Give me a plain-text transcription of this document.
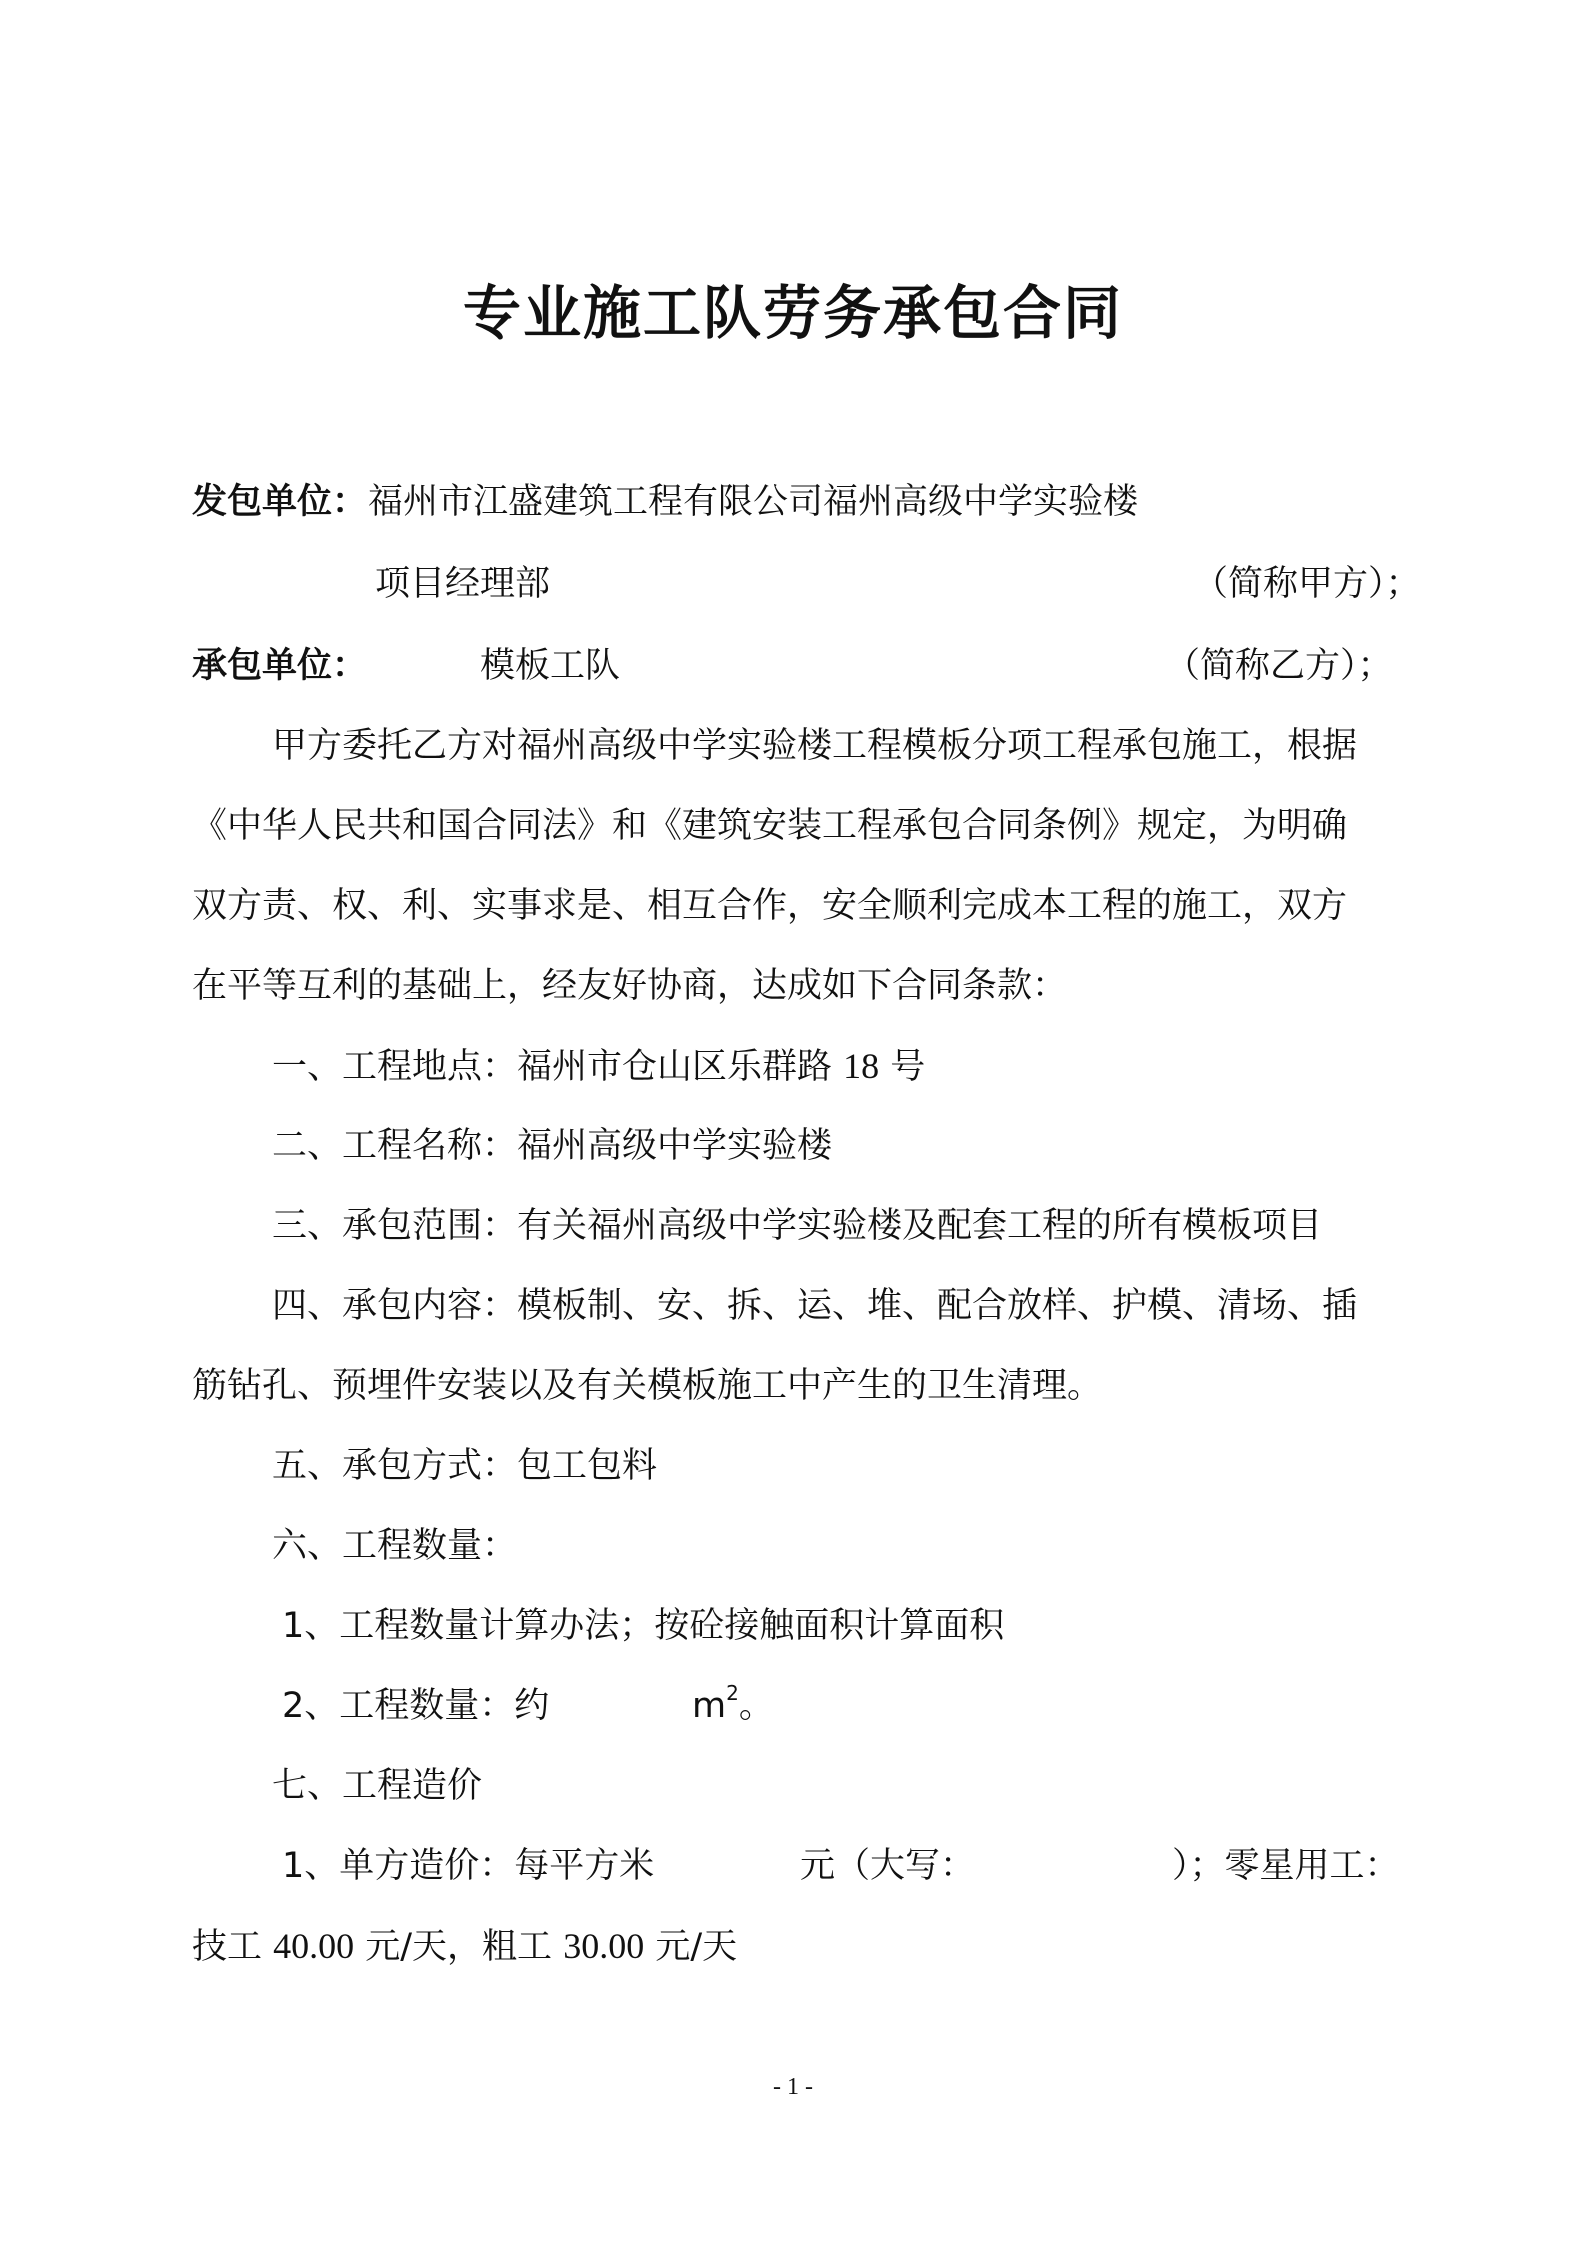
专业施工队劳务承包合同
发包单位： 福州市江盛建筑工程有限公司福州高级中学实验楼
项目经理部	（简称甲方）；
承包单位：	模板工队	（简称乙方）；
甲方委托乙方对福州高级中学实验楼工程模板分项工程承包施工，根据
《中华人民共和国合同法》和《建筑安装工程承包合同条例》规定，为明确
双方责、权、利、实事求是、相互合作，安全顺利完成本工程的施工，双方
在平等互利的基础上，经友好协商，达成如下合同条款：
一、工程地点：福州市仓山区乐群路 18 号
二、工程名称：福州高级中学实验楼
三、承包范围：有关福州高级中学实验楼及配套工程的所有模板项目
四、承包内容：模板制、安、拆、运、堆、配合放样、护模、清场、插
筋钻孔、预埋件安装以及有关模板施工中产生的卫生清理。
五、承包方式：包工包料
六、工程数量：
1、工程数量计算办法；按砼接触面积计算面积
2、工程数量：约	$m^2$。
七、工程造价
1、单方造价：每平方米	元（大写：	）；零星用工：
技工 40.00 元/天，粗工 30.00 元/天
- 1 -
